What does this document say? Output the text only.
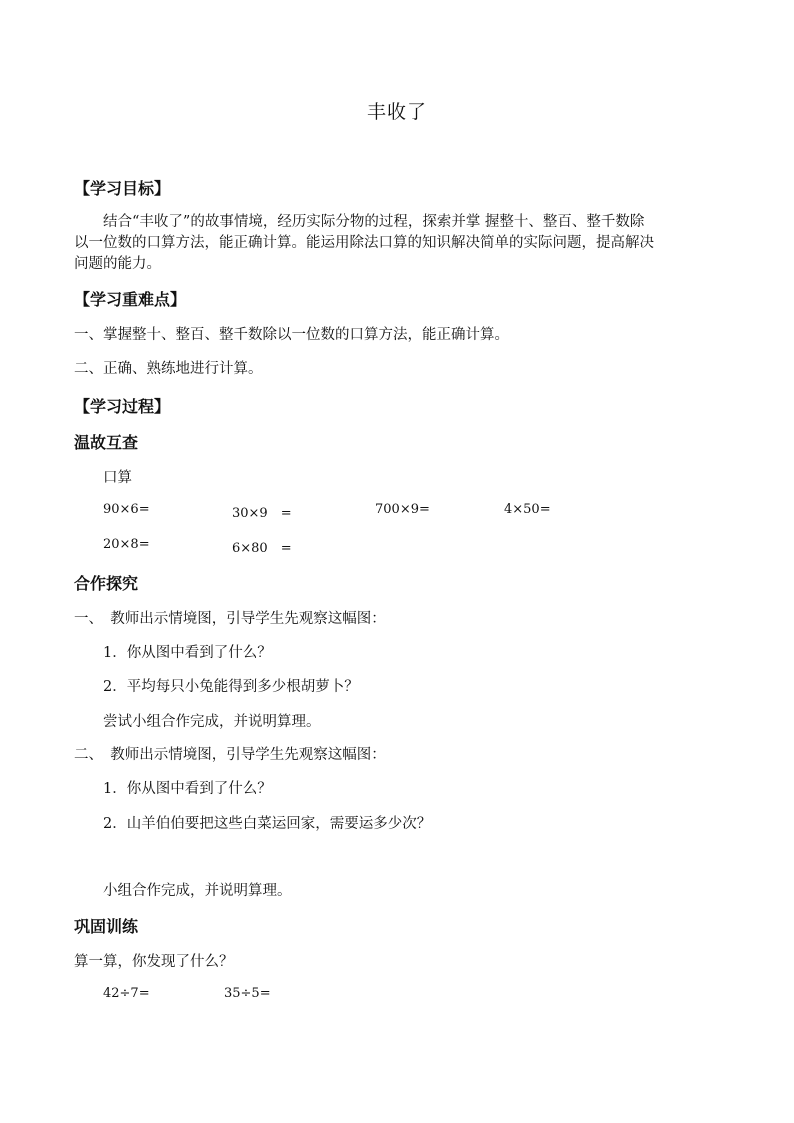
丰收了
【学习目标】
结合“丰收了”的故事情境，经历实际分物的过程，探索并掌 握整十、整百、整千数除
以一位数的口算方法，能正确计算。能运用除法口算的知识解决简单的实际问题，提高解决
问题的能力。
【学习重难点】
一、掌握整十、整百、整千数除以一位数的口算方法，能正确计算。
二、正确、熟练地进行计算。
【学习过程】
温故互查
口算
90×6=	30×9　=	700×9=	4×50=
20×8=	6×80　=
合作探究
一、　教师出示情境图，引导学生先观察这幅图：
1．你从图中看到了什么？
2．平均每只小兔能得到多少根胡萝卜？
尝试小组合作完成，并说明算理。
二、　教师出示情境图，引导学生先观察这幅图：
1．你从图中看到了什么？
2．山羊伯伯要把这些白菜运回家，需要运多少次？
小组合作完成，并说明算理。
巩固训练
算一算，你发现了什么？
42÷7=	35÷5=
